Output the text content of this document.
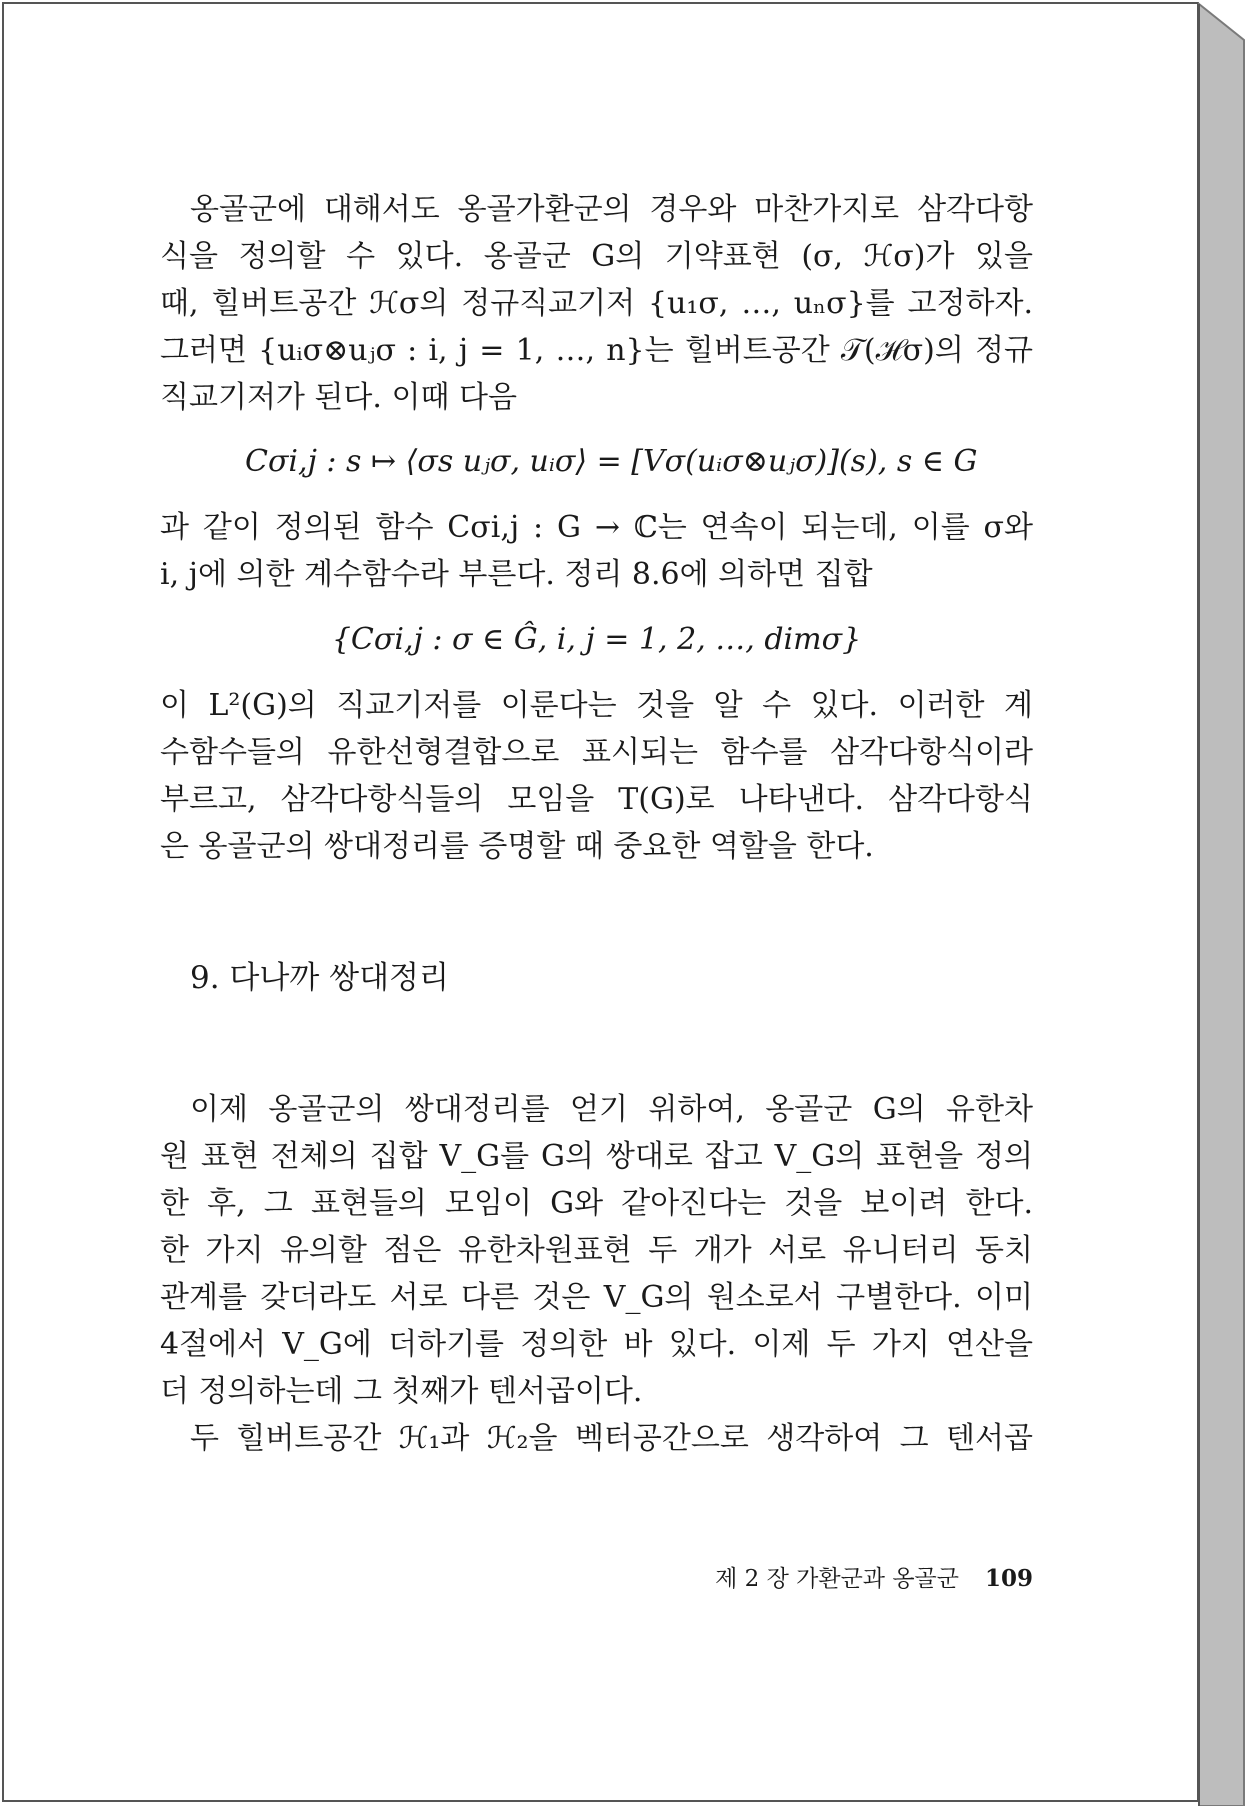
옹골군에 대해서도 옹골가환군의 경우와 마찬가지로 삼각다항
식을 정의할 수 있다. 옹골군 G의 기약표현 (σ, ℋσ)가 있을
때, 힐버트공간 ℋσ의 정규직교기저 {u₁σ, …, uₙσ}를 고정하자.
그러면 {uᵢσ⊗uⱼσ : i, j = 1, …, n}는 힐버트공간 𝒯(ℋσ)의 정규
직교기저가 된다. 이때 다음
Cσi,j : s ↦ ⟨σs uⱼσ, uᵢσ⟩ = [Vσ(uᵢσ⊗uⱼσ)](s), s ∈ G
과 같이 정의된 함수 Cσi,j : G → ℂ는 연속이 되는데, 이를 σ와
i, j에 의한 계수함수라 부른다. 정리 8.6에 의하면 집합
{Cσi,j : σ ∈ Ĝ, i, j = 1, 2, …, dimσ}
이 L²(G)의 직교기저를 이룬다는 것을 알 수 있다. 이러한 계
수함수들의 유한선형결합으로 표시되는 함수를 삼각다항식이라
부르고, 삼각다항식들의 모임을 T(G)로 나타낸다. 삼각다항식
은 옹골군의 쌍대정리를 증명할 때 중요한 역할을 한다.
9. 다나까 쌍대정리
이제 옹골군의 쌍대정리를 얻기 위하여, 옹골군 G의 유한차
원 표현 전체의 집합 V_G를 G의 쌍대로 잡고 V_G의 표현을 정의
한 후, 그 표현들의 모임이 G와 같아진다는 것을 보이려 한다.
한 가지 유의할 점은 유한차원표현 두 개가 서로 유니터리 동치
관계를 갖더라도 서로 다른 것은 V_G의 원소로서 구별한다. 이미
4절에서 V_G에 더하기를 정의한 바 있다. 이제 두 가지 연산을
더 정의하는데 그 첫째가 텐서곱이다.
두 힐버트공간 ℋ₁과 ℋ₂을 벡터공간으로 생각하여 그 텐서곱
제 2 장 가환군과 옹골군 109
